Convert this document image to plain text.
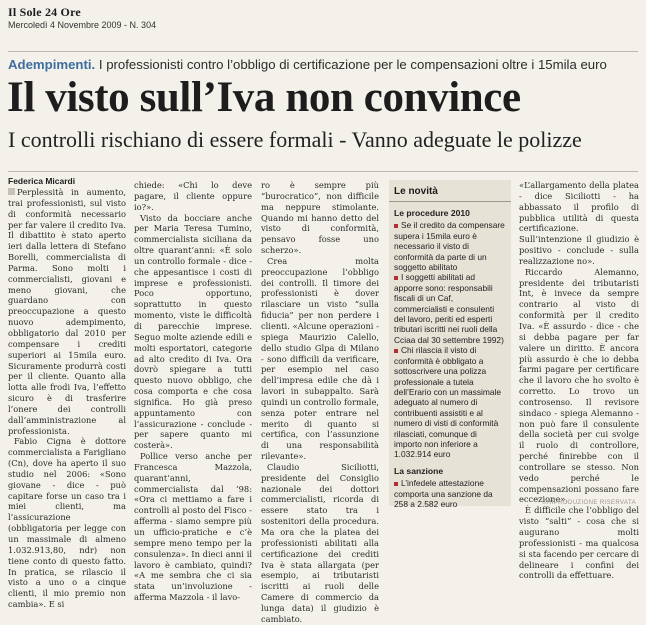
Il Sole 24 Ore
Mercoledì 4 Novembre 2009 - N. 304
Adempimenti. I professionisti contro l’obbligo di certificazione per le compensazioni oltre i 15mila euro
Il visto sull’Iva non convince
I controlli rischiano di essere formali - Vanno adeguate le polizze
Federica Micardi

Perplessità in aumento, trai professionisti, sul visto di conformità necessario per far valere il credito Iva. Il dibattito è stato aperto ieri dalla lettera di Stefano Borelli, commercialista di Parma. Sono molti i commercialisti, giovani e meno giovani, che guardano con preoccupazione a questo nuovo adempimento, obbligatorio dal 2010 per compensare i crediti superiori ai 15mila euro. Sicuramente produrrà costi per il cliente. Quanto alla lotta alle frodi Iva, l’effetto sicuro è di trasferire l’onere dei controlli dall’amministrazione al professionista.

Fabio Cigna è dottore commercialista a Farigliano (Cn), dove ha aperto il suo studio nel 2006: «Sono giovane - dice - può capitare forse un caso tra i miei clienti, ma l’assicurazione (obbligatoria per legge con un massimale di almeno 1.032.913,80, ndr) non tiene conto di questo fatto. In pratica, se rilascio il visto a uno o a cinque clienti, il mio premio non cambia». E si

chiede: «Chi lo deve pagare, il cliente oppure io?».

Visto da bocciare anche per Maria Teresa Tumino, commercialista siciliana da oltre quarant’anni: «È solo un controllo formale - dice - che appesantisce i costi di imprese e professionisti. Poco opportuno, soprattutto in questo momento, viste le difficoltà di parecchie imprese. Seguo molte aziende edili e molti esportatori, categorie ad alto credito di Iva. Ora dovrò spiegare a tutti questo nuovo obbligo, che cosa comporta e che cosa significa. Ho già preso appuntamento con l’assicurazione - conclude - per sapere quanto mi costerà».

Pollice verso anche per Francesca Mazzola, quarant’anni, commercialista dal ’98: «Ora ci mettiamo a fare i controlli al posto del Fisco - afferma - siamo sempre più un ufficio-pratiche e c’è sempre meno tempo per la consulenza». In dieci anni il lavoro è cambiato, quindi? «A me sembra che ci sia stata un’involuzione - afferma Mazzola - il lavo-

ro è sempre più “burocratico”, non difficile ma neppure stimolante. Quando mi hanno detto del visto di conformità, pensavo fosse uno scherzo».

Crea molta preoccupazione l’obbligo dei controlli. Il timore dei professionisti è dover rilasciare un visto “sulla fiducia” per non perdere i clienti. «Alcune operazioni - spiega Maurizio Calello, dello studio Glpa di Milano - sono difficili da verificare, per esempio nel caso dell’impresa edile che dà i lavori in subappalto. Sarà quindi un controllo formale, senza poter entrare nel merito di quanto si certifica, con l’assunzione di una responsabilità rilevante».

Claudio Siciliotti, presidente del Consiglio nazionale dei dottori commercialisti, ricorda di essere stato tra i sostenitori della procedura. Ma ora che la platea dei professionisti abilitati alla certificazione dei crediti Iva è stata allargata (per esempio, ai tributaristi iscritti ai ruoli delle Camere di commercio da lunga data) il giudizio è cambiato.

Le novità
Le procedure 2010
Se il credito da compensare supera i 15mila euro è necessario il visto di conformità da parte di un soggetto abilitato
I soggetti abilitati ad apporre sono: responsabili fiscali di un Caf, commercialisti e consulenti del lavoro, periti ed esperti tributari iscritti nei ruoli della Cciaa dal 30 settembre 1992)
Chi rilascia il visto di conformità è obbligato a sottoscrivere una polizza professionale a tutela dell’Erario con un massimale adeguato al numero di contribuenti assistiti e al numero di visti di conformità rilasciati, comunque di importo non inferiore a 1.032.914 euro
La sanzione
L’infedele attestazione comporta una sanzione da 258 a 2.582 euro

«L’allargamento della platea - dice Siciliotti - ha abbassato il profilo di pubblica utilità di questa certificazione. Sull’intenzione il giudizio è positivo - conclude - sulla realizzazione no».

Riccardo Alemanno, presidente dei tributaristi Int, è invece da sempre contrario al visto di conformità per il credito Iva. «È assurdo - dice - che si debba pagare per far valere un diritto. È ancora più assurdo è che io debba farmi pagare per certificare che il lavoro che ho svolto è corretto. Lo trovo un controsenso. Il revisore sindaco - spiega Alemanno - non può fare il consulente della società per cui svolge il ruolo di controllore, perché finirebbe con il controllare se stesso. Non vedo perché le compensazioni possano fare eccezione».

È difficile che l’obbligo del visto “salti” - cosa che si augurano molti professionisti - ma qualcosa si sta facendo per cercare di delineare i confini dei controlli da effettuare.

©RIPRODUZIONE RISERVATA
